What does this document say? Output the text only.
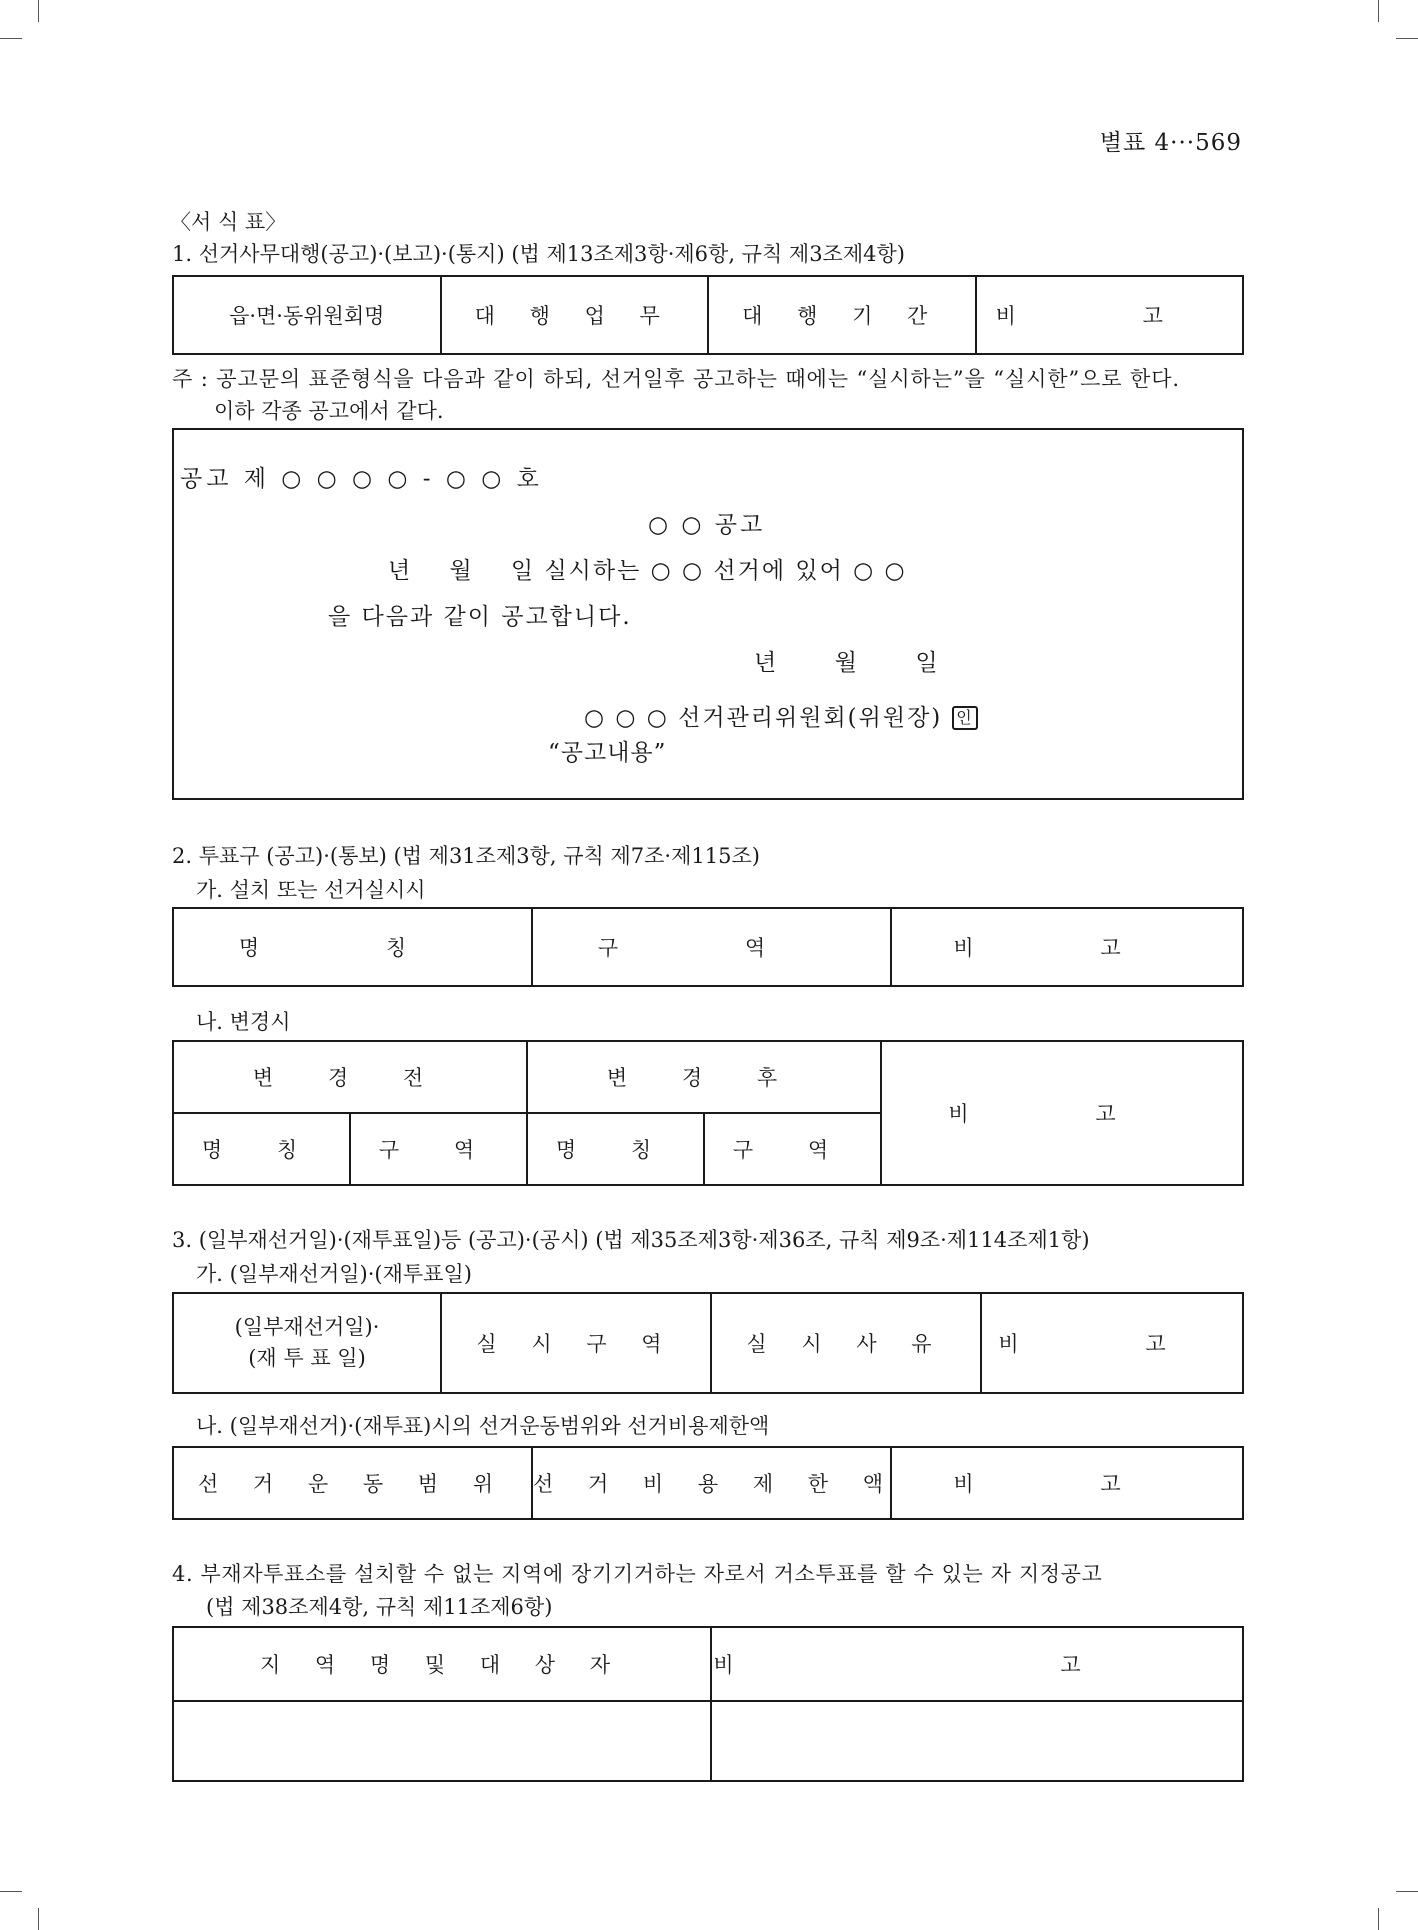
별표 4···569
〈서 식 표〉
1. 선거사무대행(공고)·(보고)·(통지) (법 제13조제3항·제6항, 규칙 제3조제4항)
읍·면·동위원회명	대 행 업 무	대 행 기 간	비 고
주 : 공고문의 표준형식을 다음과 같이 하되, 선거일후 공고하는 때에는 “실시하는”을 “실시한”으로 한다.
이하 각종 공고에서 같다.
공고 제 ○ ○ ○ ○ - ○ ○ 호
○ ○ 공고
년    월    일 실시하는 ○ ○ 선거에 있어 ○ ○
을 다음과 같이 공고합니다.
년        월        일
○ ○ ○ 선거관리위원회(위원장) 인
“공고내용”
2. 투표구 (공고)·(통보) (법 제31조제3항, 규칙 제7조·제115조)
가. 설치 또는 선거실시시
명 칭	구 역	비 고
나. 변경시
변 경 전		변 경 후		비 고
명 칭	구 역	명 칭	구 역	
3. (일부재선거일)·(재투표일)등 (공고)·(공시) (법 제35조제3항·제36조, 규칙 제9조·제114조제1항)
가. (일부재선거일)·(재투표일)
(일부재선거일)·
(재 투 표 일)
	실 시 구 역	실 시 사 유	비 고
나. (일부재선거)·(재투표)시의 선거운동범위와 선거비용제한액
선 거 운 동 범 위	선 거 비 용 제 한 액	비 고
4. 부재자투표소를 설치할 수 없는 지역에 장기기거하는 자로서 거소투표를 할 수 있는 자 지정공고
(법 제38조제4항, 규칙 제11조제6항)
지 역 명 및 대 상 자	비 고
